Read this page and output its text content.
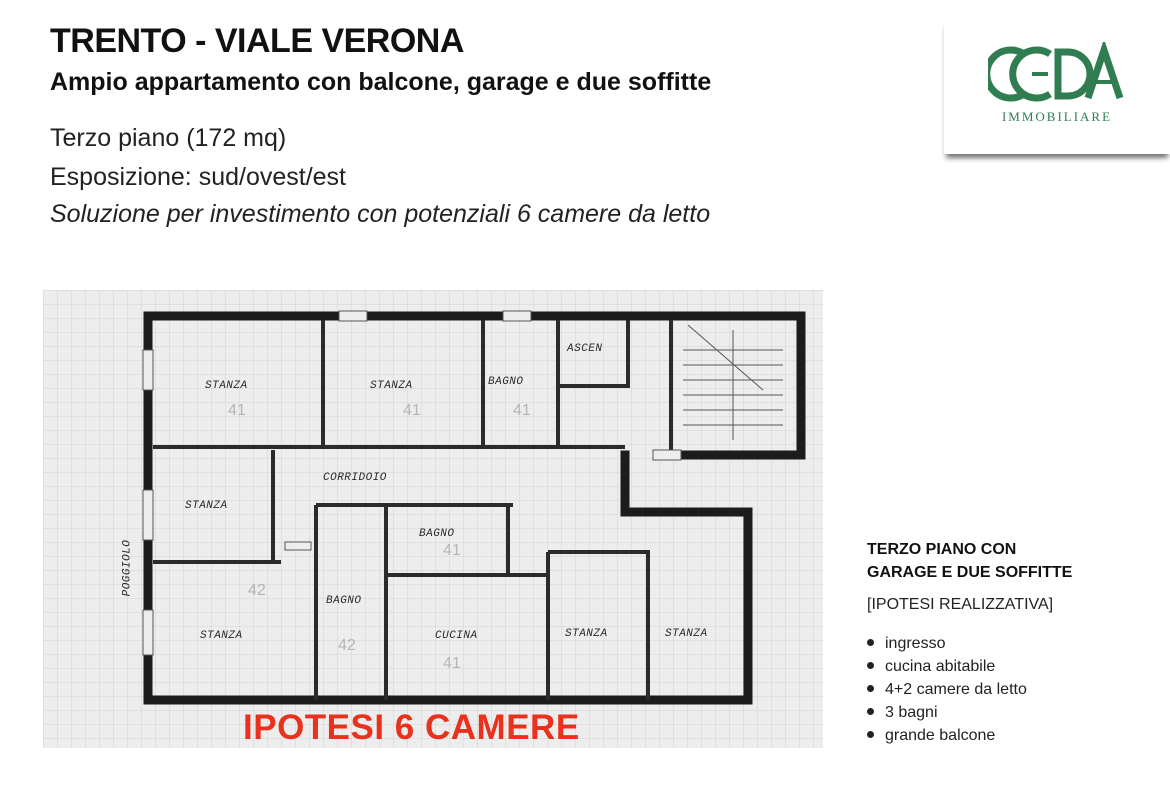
TRENTO - VIALE VERONA
Ampio appartamento con balcone, garage e due soffitte
Terzo piano (172 mq)
Esposizione: sud/ovest/est
Soluzione per investimento con potenziali 6 camere da letto
IMMOBILIARE
41	41	41
42
42
41
41
STANZA	STANZA	BAGNO
ASCEN
CORRIDOIO
STANZA
BAGNO
POGGIOLO
BAGNO
STANZA	CUCINA	STANZA	STANZA
IPOTESI 6 CAMERE
TERZO PIANO CON
GARAGE E DUE SOFFITTE
[IPOTESI REALIZZATIVA]
ingresso
cucina abitabile
4+2 camere da letto
3 bagni
grande balcone
